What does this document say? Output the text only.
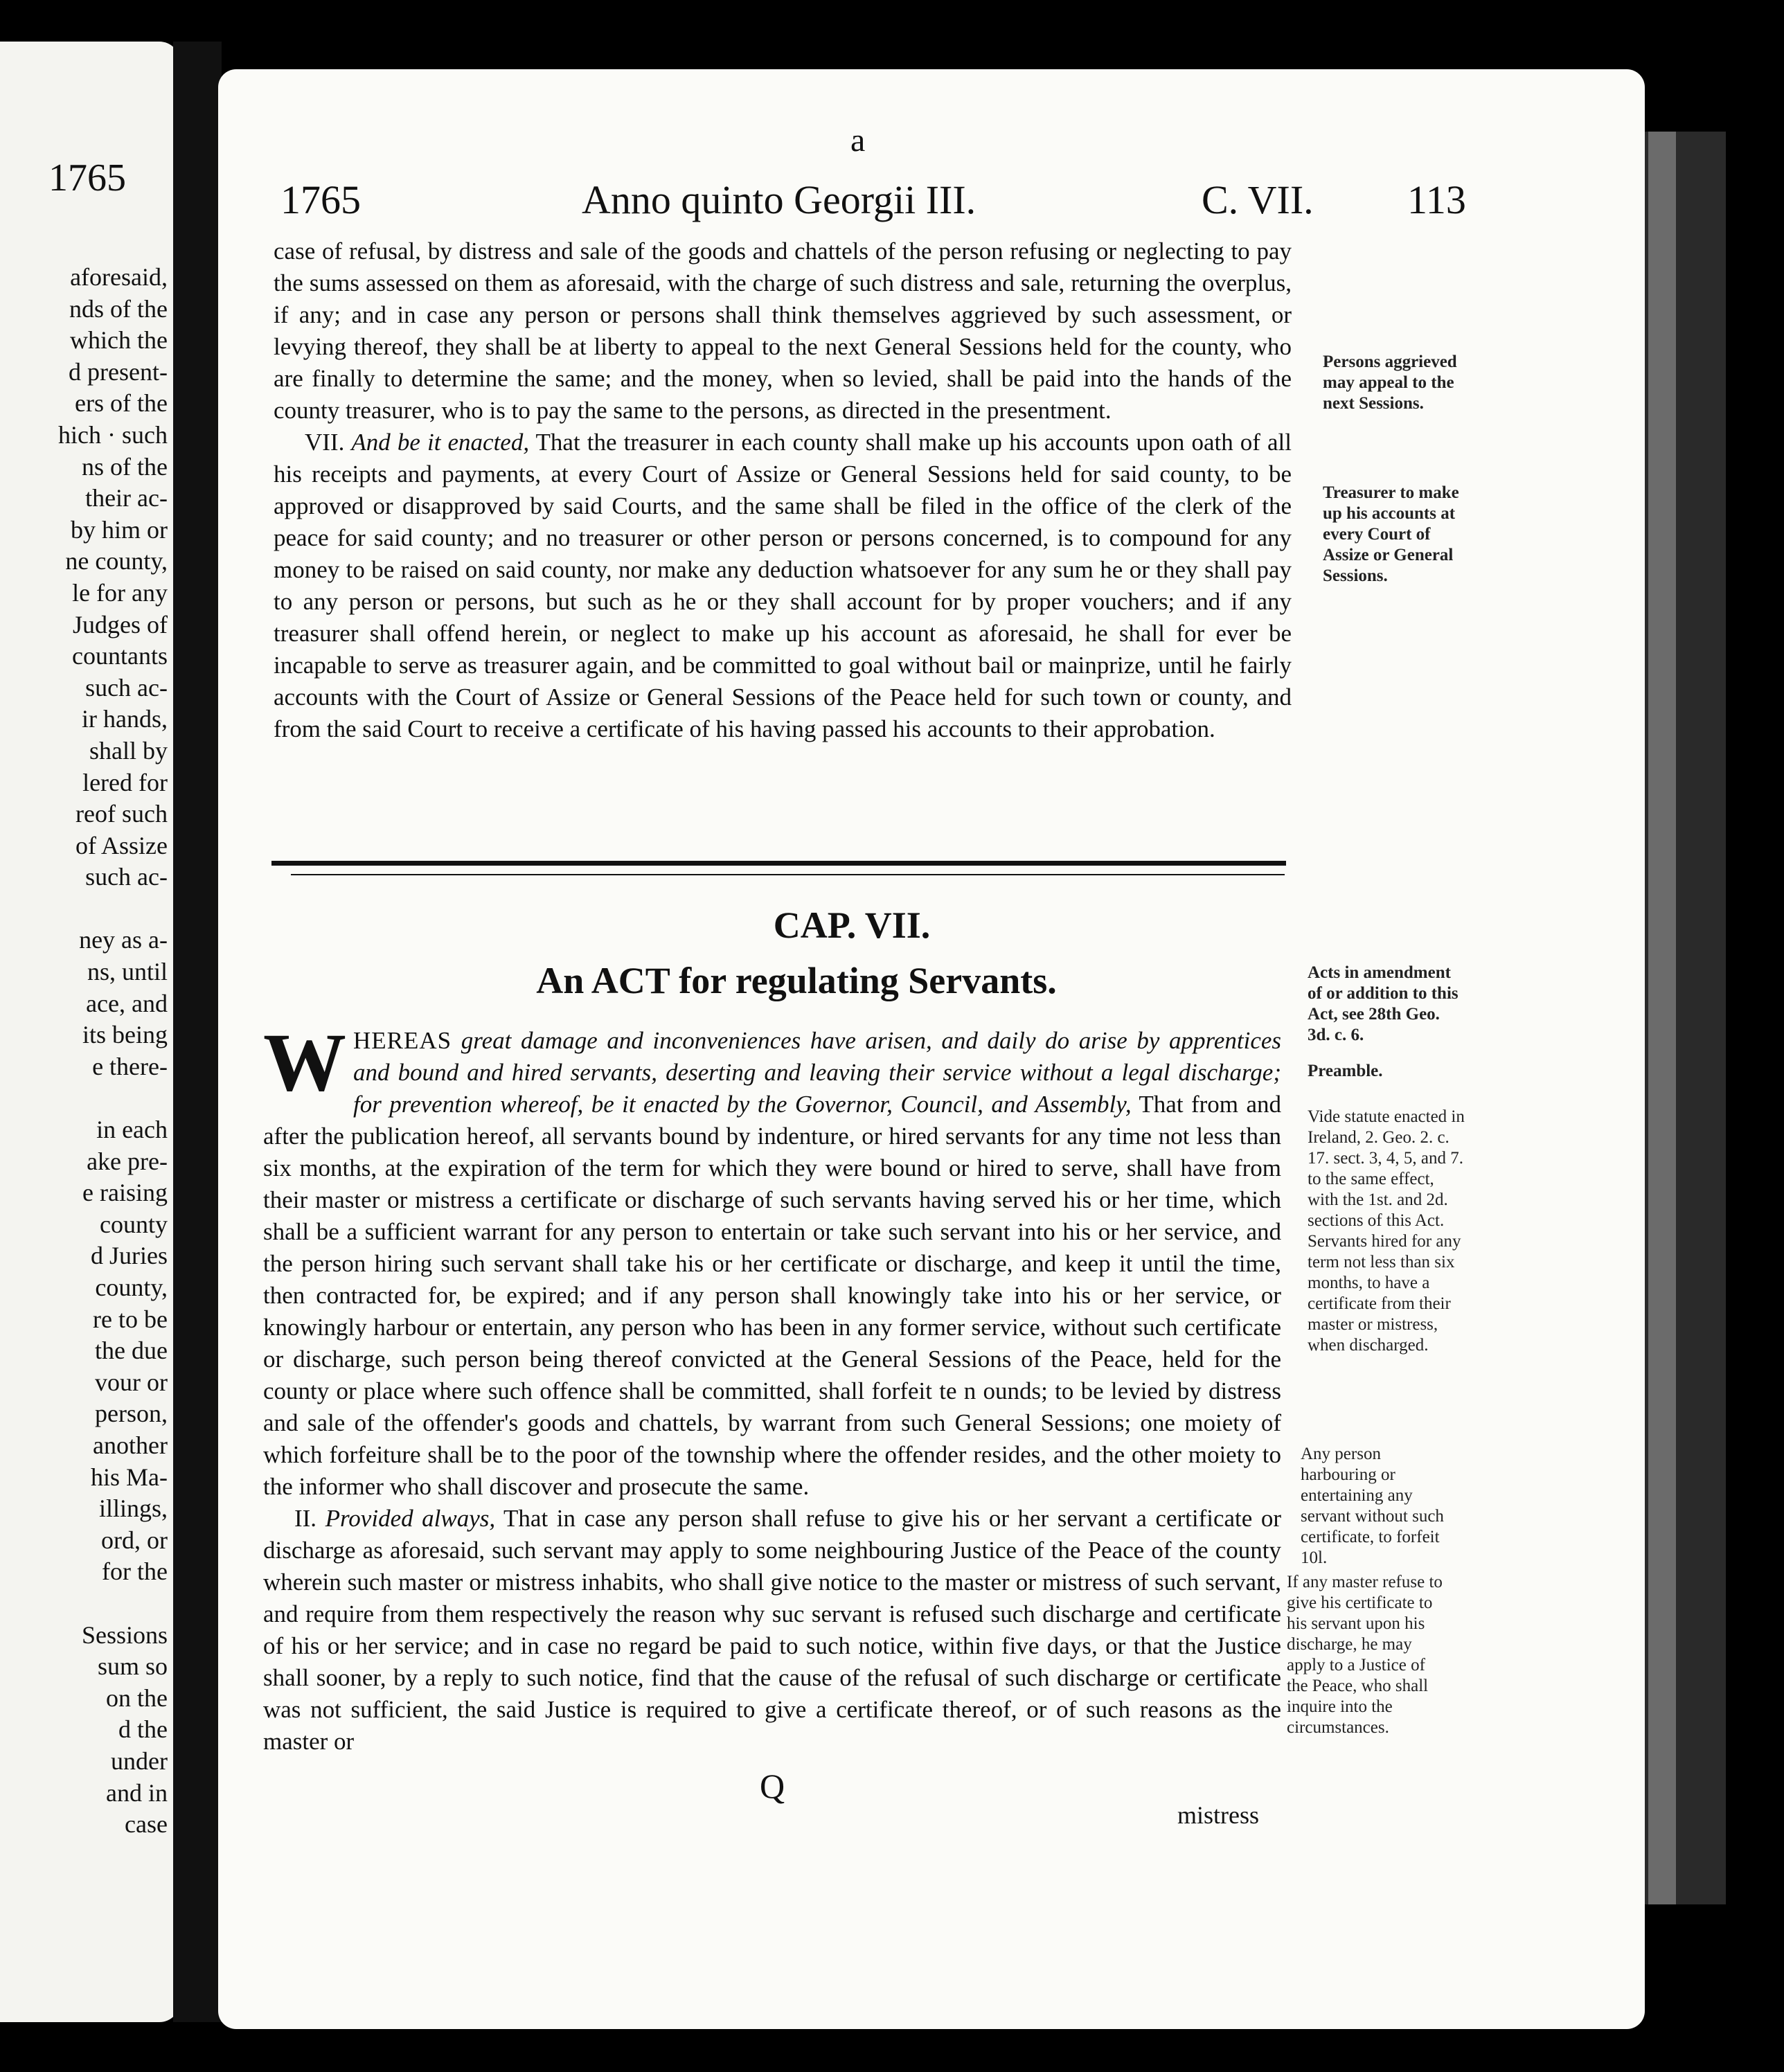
1765
aforesaid,
nds of the
which the
d present-
ers of the
hich · such
ns of the
their ac-
by him or
ne county,
le for any
Judges of
countants
such ac-
ir hands,
shall by
lered for
reof such
of Assize
such ac-

ney as a-
ns, until
ace, and
its being
e there-

in each
ake pre-
e raising
county
d Juries
county,
re to be
the due
vour or
person,
another
his Ma-
illings,
ord, or
for the

Sessions
sum so
on the
d the
under
and in
case
a
1765	Anno quinto Georgii III.	C. VII. 113

case of refusal, by distress and sale of the goods and chattels of the person refusing or neglecting to pay the sums assessed on them as aforesaid, with the charge of such distress and sale, returning the overplus, if any; and in case any person or persons shall think themselves aggrieved by such assessment, or levying thereof, they shall be at liberty to appeal to the next General Sessions held for the county, who are finally to determine the same; and the money, when so levied, shall be paid into the hands of the county treasurer, who is to pay the same to the persons, as directed in the presentment.

VII. And be it enacted, That the treasurer in each county shall make up his accounts upon oath of all his receipts and payments, at every Court of Assize or General Sessions held for said county, to be approved or disapproved by said Courts, and the same shall be filed in the office of the clerk of the peace for said county; and no treasurer or other person or persons concerned, is to compound for any money to be raised on said county, nor make any deduction whatsoever for any sum he or they shall pay to any person or persons, but such as he or they shall account for by proper vouchers; and if any treasurer shall offend herein, or neglect to make up his account as aforesaid, he shall for ever be incapable to serve as treasurer again, and be committed to goal without bail or mainprize, until he fairly accounts with the Court of Assize or General Sessions of the Peace held for such town or county, and from the said Court to receive a certificate of his having passed his accounts to their approbation.

Persons aggrieved may appeal to the next Sessions.
Treasurer to make up his accounts at every Court of Assize or General Sessions.
CAP. VII.
An ACT for regulating Servants.	Acts in amendment of or addition to this Act, see 28th Geo. 3d. c. 6.
Preamble.

WHEREAS great damage and inconveniences have arisen, and daily do arise by apprentices and bound and hired servants, deserting and leaving their service without a legal discharge; for prevention whereof, be it enacted by the Governor, Council, and Assembly, That from and after the publication hereof, all servants bound by indenture, or hired servants for any time not less than six months, at the expiration of the term for which they were bound or hired to serve, shall have from their master or mistress a certificate or discharge of such servants having served his or her time, which shall be a sufficient warrant for any person to entertain or take such servant into his or her service, and the person hiring such servant shall take his or her certificate or discharge, and keep it until the time, then contracted for, be expired; and if any person shall knowingly take into his or her service, or knowingly harbour or entertain, any person who has been in any former service, without such certificate or discharge, such person being thereof convicted at the General Sessions of the Peace, held for the county or place where such offence shall be committed, shall forfeit te n ounds; to be levied by distress and sale of the offender's goods and chattels, by warrant from such General Sessions; one moiety of which forfeiture shall be to the poor of the township where the offender resides, and the other moiety to the informer who shall discover and prosecute the same.

II. Provided always, That in case any person shall refuse to give his or her servant a certificate or discharge as aforesaid, such servant may apply to some neighbouring Justice of the Peace of the county wherein such master or mistress inhabits, who shall give notice to the master or mistress of such servant, and require from them respectively the reason why suc servant is refused such discharge and certificate of his or her service; and in case no regard be paid to such notice, within five days, or that the Justice shall sooner, by a reply to such notice, find that the cause of the refusal of such discharge or certificate was not sufficient, the said Justice is required to give a certificate thereof, or of such reasons as the master or

Vide statute enacted in Ireland, 2. Geo. 2. c. 17. sect. 3, 4, 5, and 7. to the same effect, with the 1st. and 2d. sections of this Act. Servants hired for any term not less than six months, to have a certificate from their master or mistress, when discharged.
Any person harbouring or entertaining any servant without such certificate, to forfeit 10l.
If any master refuse to give his certificate to his servant upon his discharge, he may apply to a Justice of the Peace, who shall inquire into the circumstances.
Q
mistress
